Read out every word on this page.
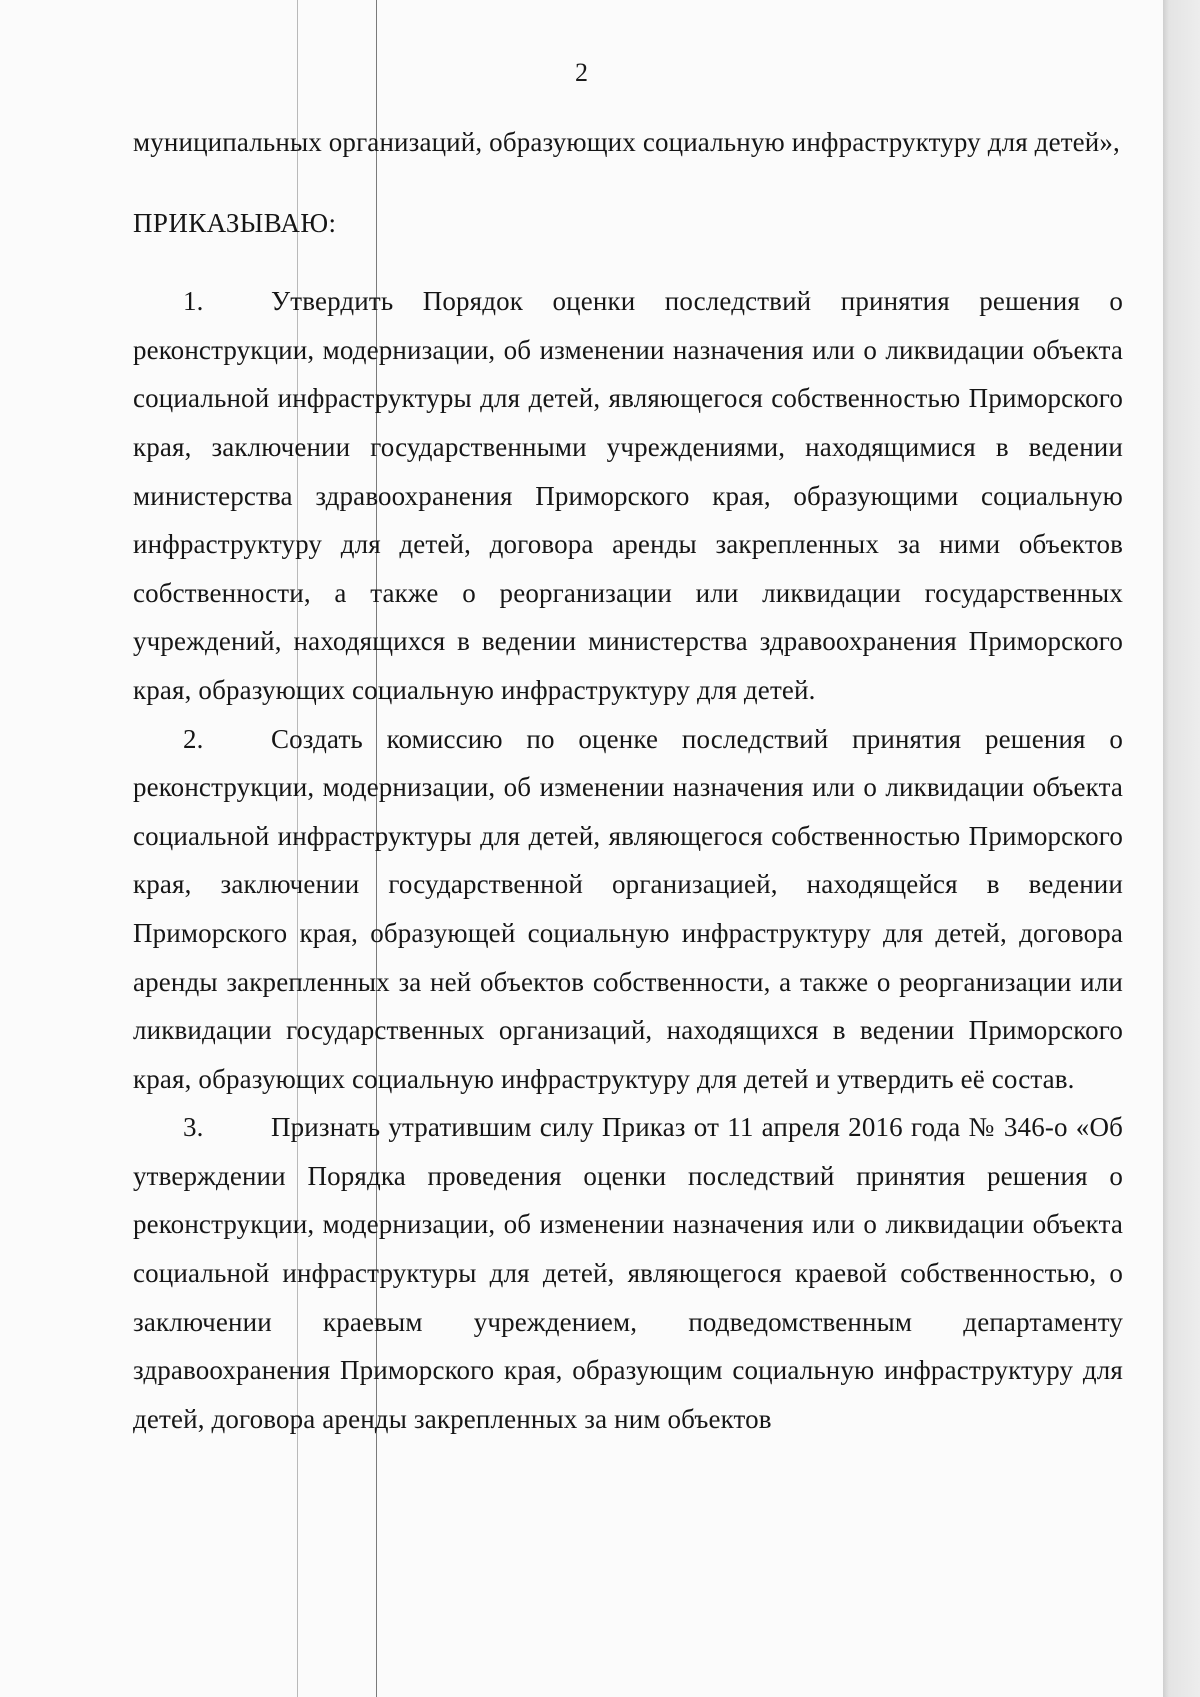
2

муниципальных организаций, образующих социальную инфраструктуру для детей»,

ПРИКАЗЫВАЮ:

1. Утвердить Порядок оценки последствий принятия решения о реконструкции, модернизации, об изменении назначения или о ликвидации объекта социальной инфраструктуры для детей, являющегося собственностью Приморского края, заключении государственными учреждениями, находящимися в ведении министерства здравоохранения Приморского края, образующими социальную инфраструктуру для детей, договора аренды закрепленных за ними объектов собственности, а также о реорганизации или ликвидации государственных учреждений, находящихся в ведении министерства здравоохранения Приморского края, образующих социальную инфраструктуру для детей.

2. Создать комиссию по оценке последствий принятия решения о реконструкции, модернизации, об изменении назначения или о ликвидации объекта социальной инфраструктуры для детей, являющегося собственностью Приморского края, заключении государственной организацией, находящейся в ведении Приморского края, образующей социальную инфраструктуру для детей, договора аренды закрепленных за ней объектов собственности, а также о реорганизации или ликвидации государственных организаций, находящихся в ведении Приморского края, образующих социальную инфраструктуру для детей и утвердить её состав.

3. Признать утратившим силу Приказ от 11 апреля 2016 года № 346-о «Об утверждении Порядка проведения оценки последствий принятия решения о реконструкции, модернизации, об изменении назначения или о ликвидации объекта социальной инфраструктуры для детей, являющегося краевой собственностью, о заключении краевым учреждением, подведомственным департаменту здравоохранения Приморского края, образующим социальную инфраструктуру для детей, договора аренды закрепленных за ним объектов
